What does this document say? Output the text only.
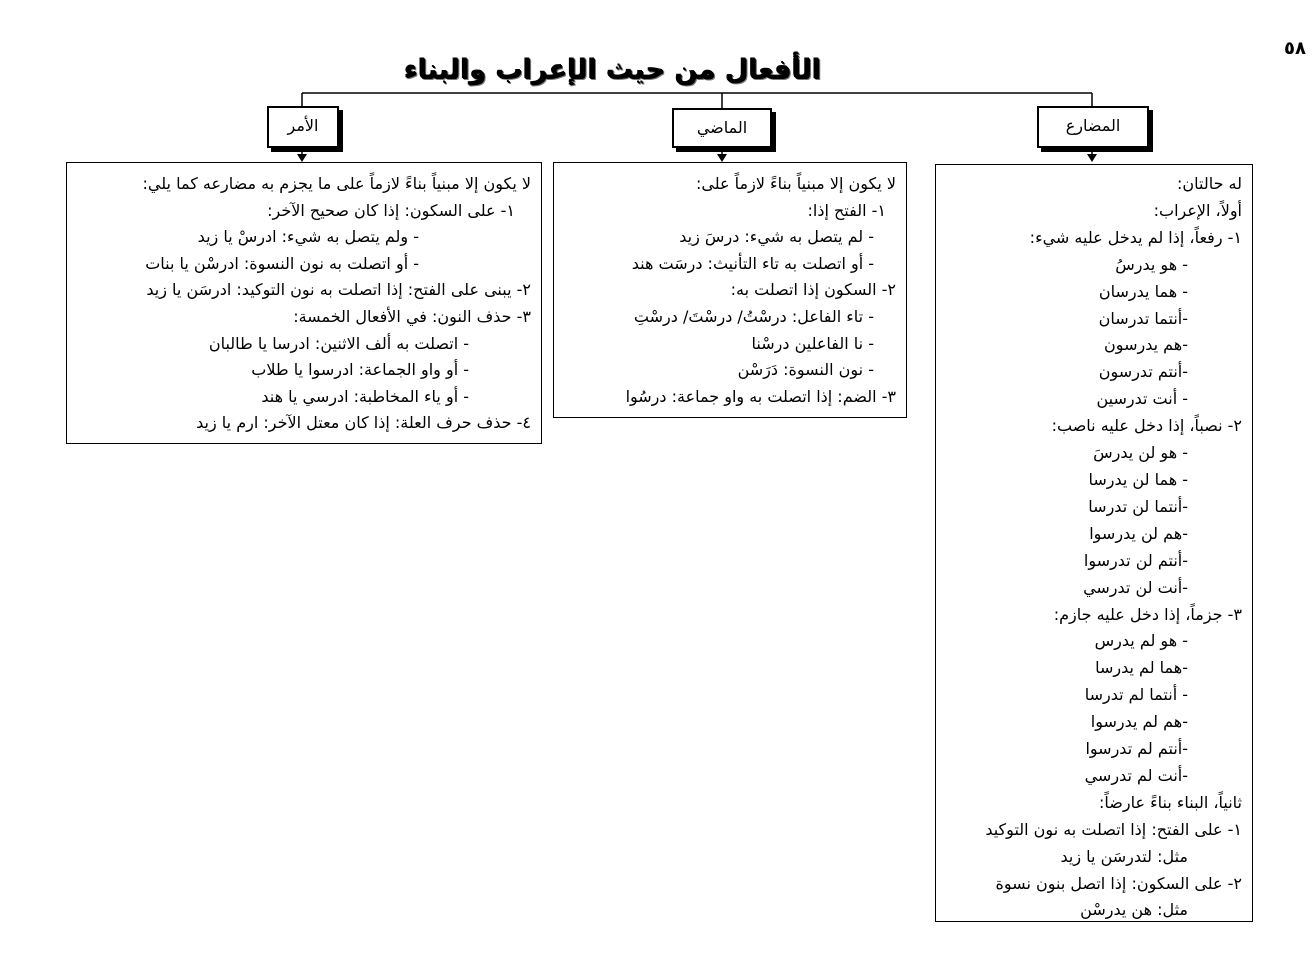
٥٨
الأفعال من حيث الإعراب والبناء
الأمر	الماضي	المضارع
لا يكون إلا مبنياً بناءً لازماً على ما يجزم به مضارعه كما يلي:
١- على السكون: إذا كان صحيح الآخر:
- ولم يتصل به شيء: ادرسْ يا زيد
- أو اتصلت به نون النسوة: ادرسْن يا بنات
٢- يبنى على الفتح: إذا اتصلت به نون التوكيد: ادرسَن يا زيد
٣- حذف النون: في الأفعال الخمسة:
- اتصلت به ألف الاثنين: ادرسا يا طالبان
- أو واو الجماعة: ادرسوا يا طلاب
- أو ياء المخاطبة: ادرسي يا هند
٤- حذف حرف العلة: إذا كان معتل الآخر: ارم يا زيد
لا يكون إلا مبنياً بناءً لازماً على:
١- الفتح إذا:
- لم يتصل به شيء: درسَ زيد
- أو اتصلت به تاء التأنيث: درسَت هند
٢- السكون إذا اتصلت به:
- تاء الفاعل: درسْتُ/ درسْتَ/ درسْتِ
- نا الفاعلين درسْنا
- نون النسوة: دَرَسْن
٣- الضم: إذا اتصلت به واو جماعة: درسُوا
له حالتان:
أولاً، الإعراب:
١- رفعاً، إذا لم يدخل عليه شيء:
- هو يدرسُ
- هما يدرسان
-أنتما تدرسان
-هم يدرسون
-أنتم تدرسون
- أنت تدرسين
٢- نصباً، إذا دخل عليه ناصب:
- هو لن يدرسَ
- هما لن يدرسا
-أنتما لن تدرسا
-هم لن يدرسوا
-أنتم لن تدرسوا
-أنت لن تدرسي
٣- جزماً، إذا دخل عليه جازم:
- هو لم يدرس
-هما لم يدرسا
- أنتما لم تدرسا
-هم لم يدرسوا
-أنتم لم تدرسوا
-أنت لم تدرسي
ثانياً، البناء بناءً عارضاً:
١- على الفتح: إذا اتصلت به نون التوكيد
مثل: لتدرسَن يا زيد
٢- على السكون: إذا اتصل بنون نسوة
مثل: هن يدرسْن
